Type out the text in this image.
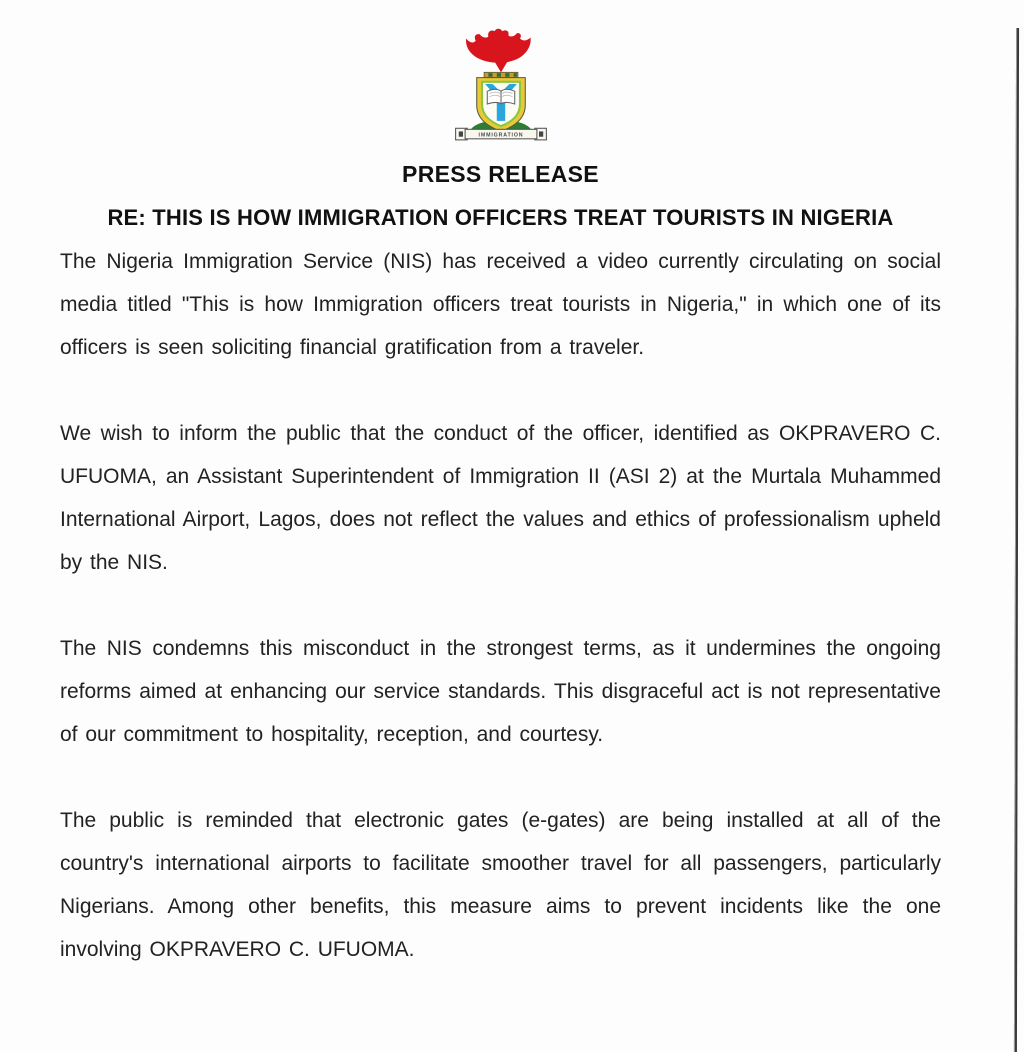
IMMIGRATION
PRESS RELEASE
RE: THIS IS HOW IMMIGRATION OFFICERS TREAT TOURISTS IN NIGERIA

The Nigeria Immigration Service (NIS) has received a video currently circulating on social media titled "This is how Immigration officers treat tourists in Nigeria," in which one of its officers is seen soliciting financial gratification from a traveler.

We wish to inform the public that the conduct of the officer, identified as OKPRAVERO C. UFUOMA, an Assistant Superintendent of Immigration II (ASI 2) at the Murtala Muhammed International Airport, Lagos, does not reflect the values and ethics of professionalism upheld by the NIS.

The NIS condemns this misconduct in the strongest terms, as it undermines the ongoing reforms aimed at enhancing our service standards. This disgraceful act is not representative of our commitment to hospitality, reception, and courtesy.

The public is reminded that electronic gates (e-gates) are being installed at all of the country's international airports to facilitate smoother travel for all passengers, particularly Nigerians. Among other benefits, this measure aims to prevent incidents like the one involving OKPRAVERO C. UFUOMA.
